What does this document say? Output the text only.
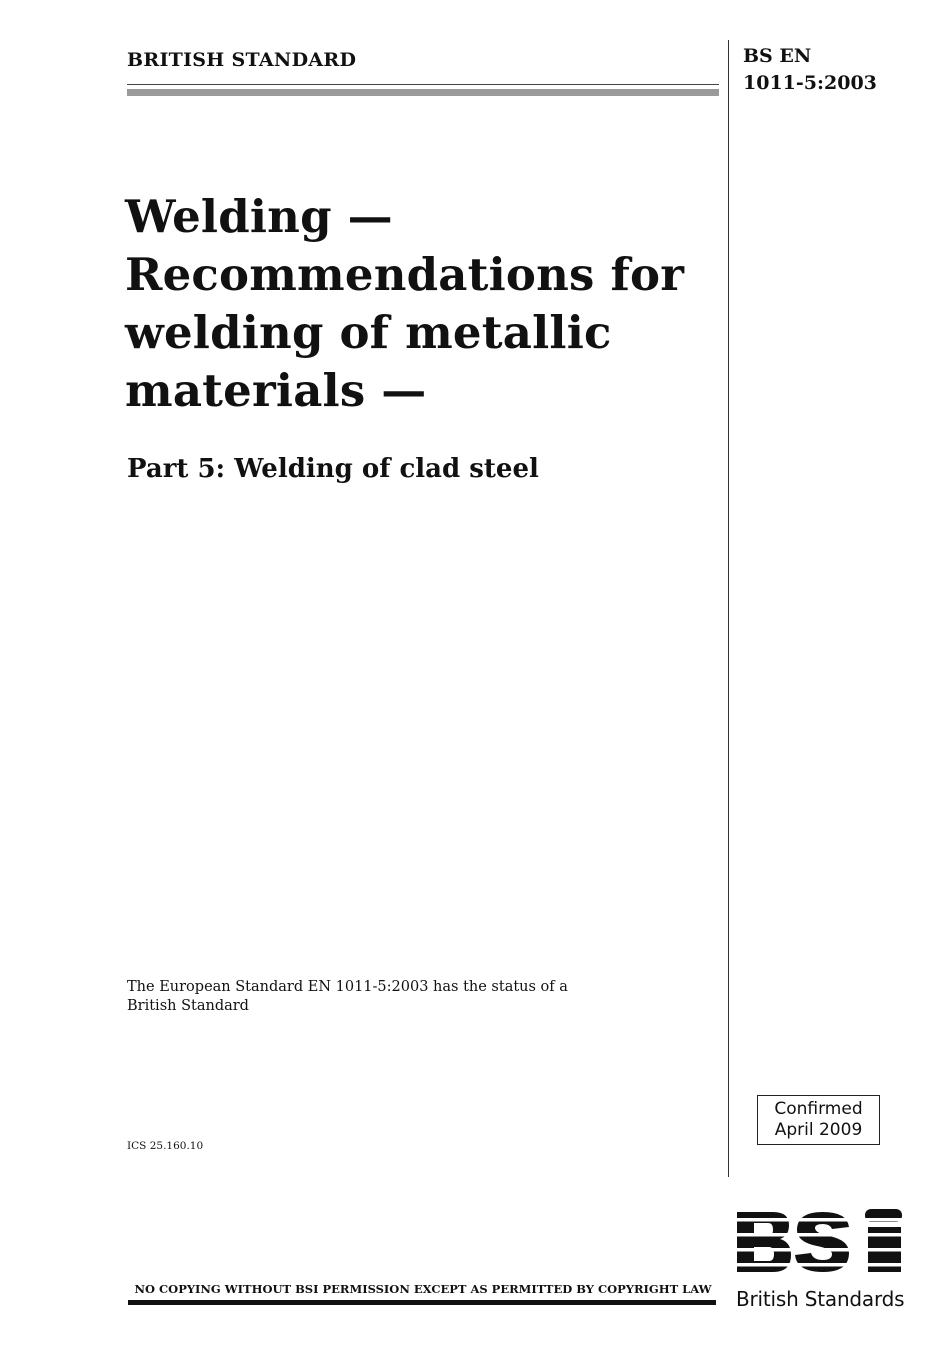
BRITISH STANDARD	BS EN
1011-5:2003
Welding —
Recommendations for
welding of metallic
materials —
Part 5: Welding of clad steel
The European Standard EN 1011-5:2003 has the status of a
British Standard
ICS 25.160.10
Confirmed
April 2009
NO COPYING WITHOUT BSI PERMISSION EXCEPT AS PERMITTED BY COPYRIGHT LAW	British Standards
